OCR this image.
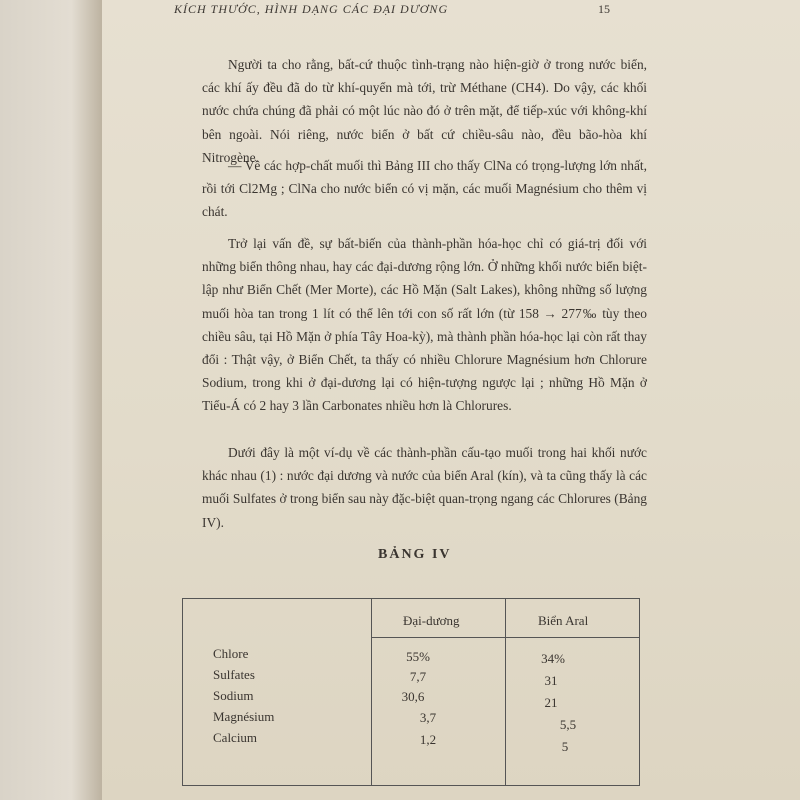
KÍCH THƯỚC, HÌNH DẠNG CÁC ĐẠI DƯƠNG	15

Người ta cho rằng, bất-cứ thuộc tình-trạng nào hiện-giờ ở trong nước biển, các khí ấy đều đã do từ khí-quyển mà tới, trừ Méthane (CH4). Do vậy, các khối nước chứa chúng đã phải có một lúc nào đó ở trên mặt, để tiếp-xúc với không-khí bên ngoài. Nói riêng, nước biển ở bất cứ chiều-sâu nào, đều bão-hòa khí Nitrogène.

— Về các hợp-chất muối thì Bảng III cho thấy ClNa có trọng-lượng lớn nhất, rồi tới Cl2Mg ; ClNa cho nước biển có vị mặn, các muối Magnésium cho thêm vị chát.

Trở lại vấn đề, sự bất-biến của thành-phần hóa-học chỉ có giá-trị đối với những biển thông nhau, hay các đại-dương rộng lớn. Ở những khối nước biển biệt-lập như Biển Chết (Mer Morte), các Hồ Mặn (Salt Lakes), không những số lượng muối hòa tan trong 1 lít có thể lên tới con số rất lớn (từ 158 → 277‰ tùy theo chiều sâu, tại Hồ Mặn ở phía Tây Hoa-kỳ), mà thành phần hóa-học lại còn rất thay đổi : Thật vậy, ở Biển Chết, ta thấy có nhiều Chlorure Magnésium hơn Chlorure Sodium, trong khi ở đại-dương lại có hiện-tượng ngược lại ; những Hồ Mặn ở Tiểu-Á có 2 hay 3 lần Carbonates nhiều hơn là Chlorures.

Dưới đây là một ví-dụ về các thành-phần cấu-tạo muối trong hai khối nước khác nhau (1) : nước đại dương và nước của biển Aral (kín), và ta cũng thấy là các muối Sulfates ở trong biển sau này đặc-biệt quan-trọng ngang các Chlorures (Bảng IV).

BẢNG IV
Đại-dương	Biển Aral
Chlore
Sulfates
Sodium
Magnésium
Calcium
55%
7,7
30,6
3,7
1,2
34%
31
21
5,5
5
